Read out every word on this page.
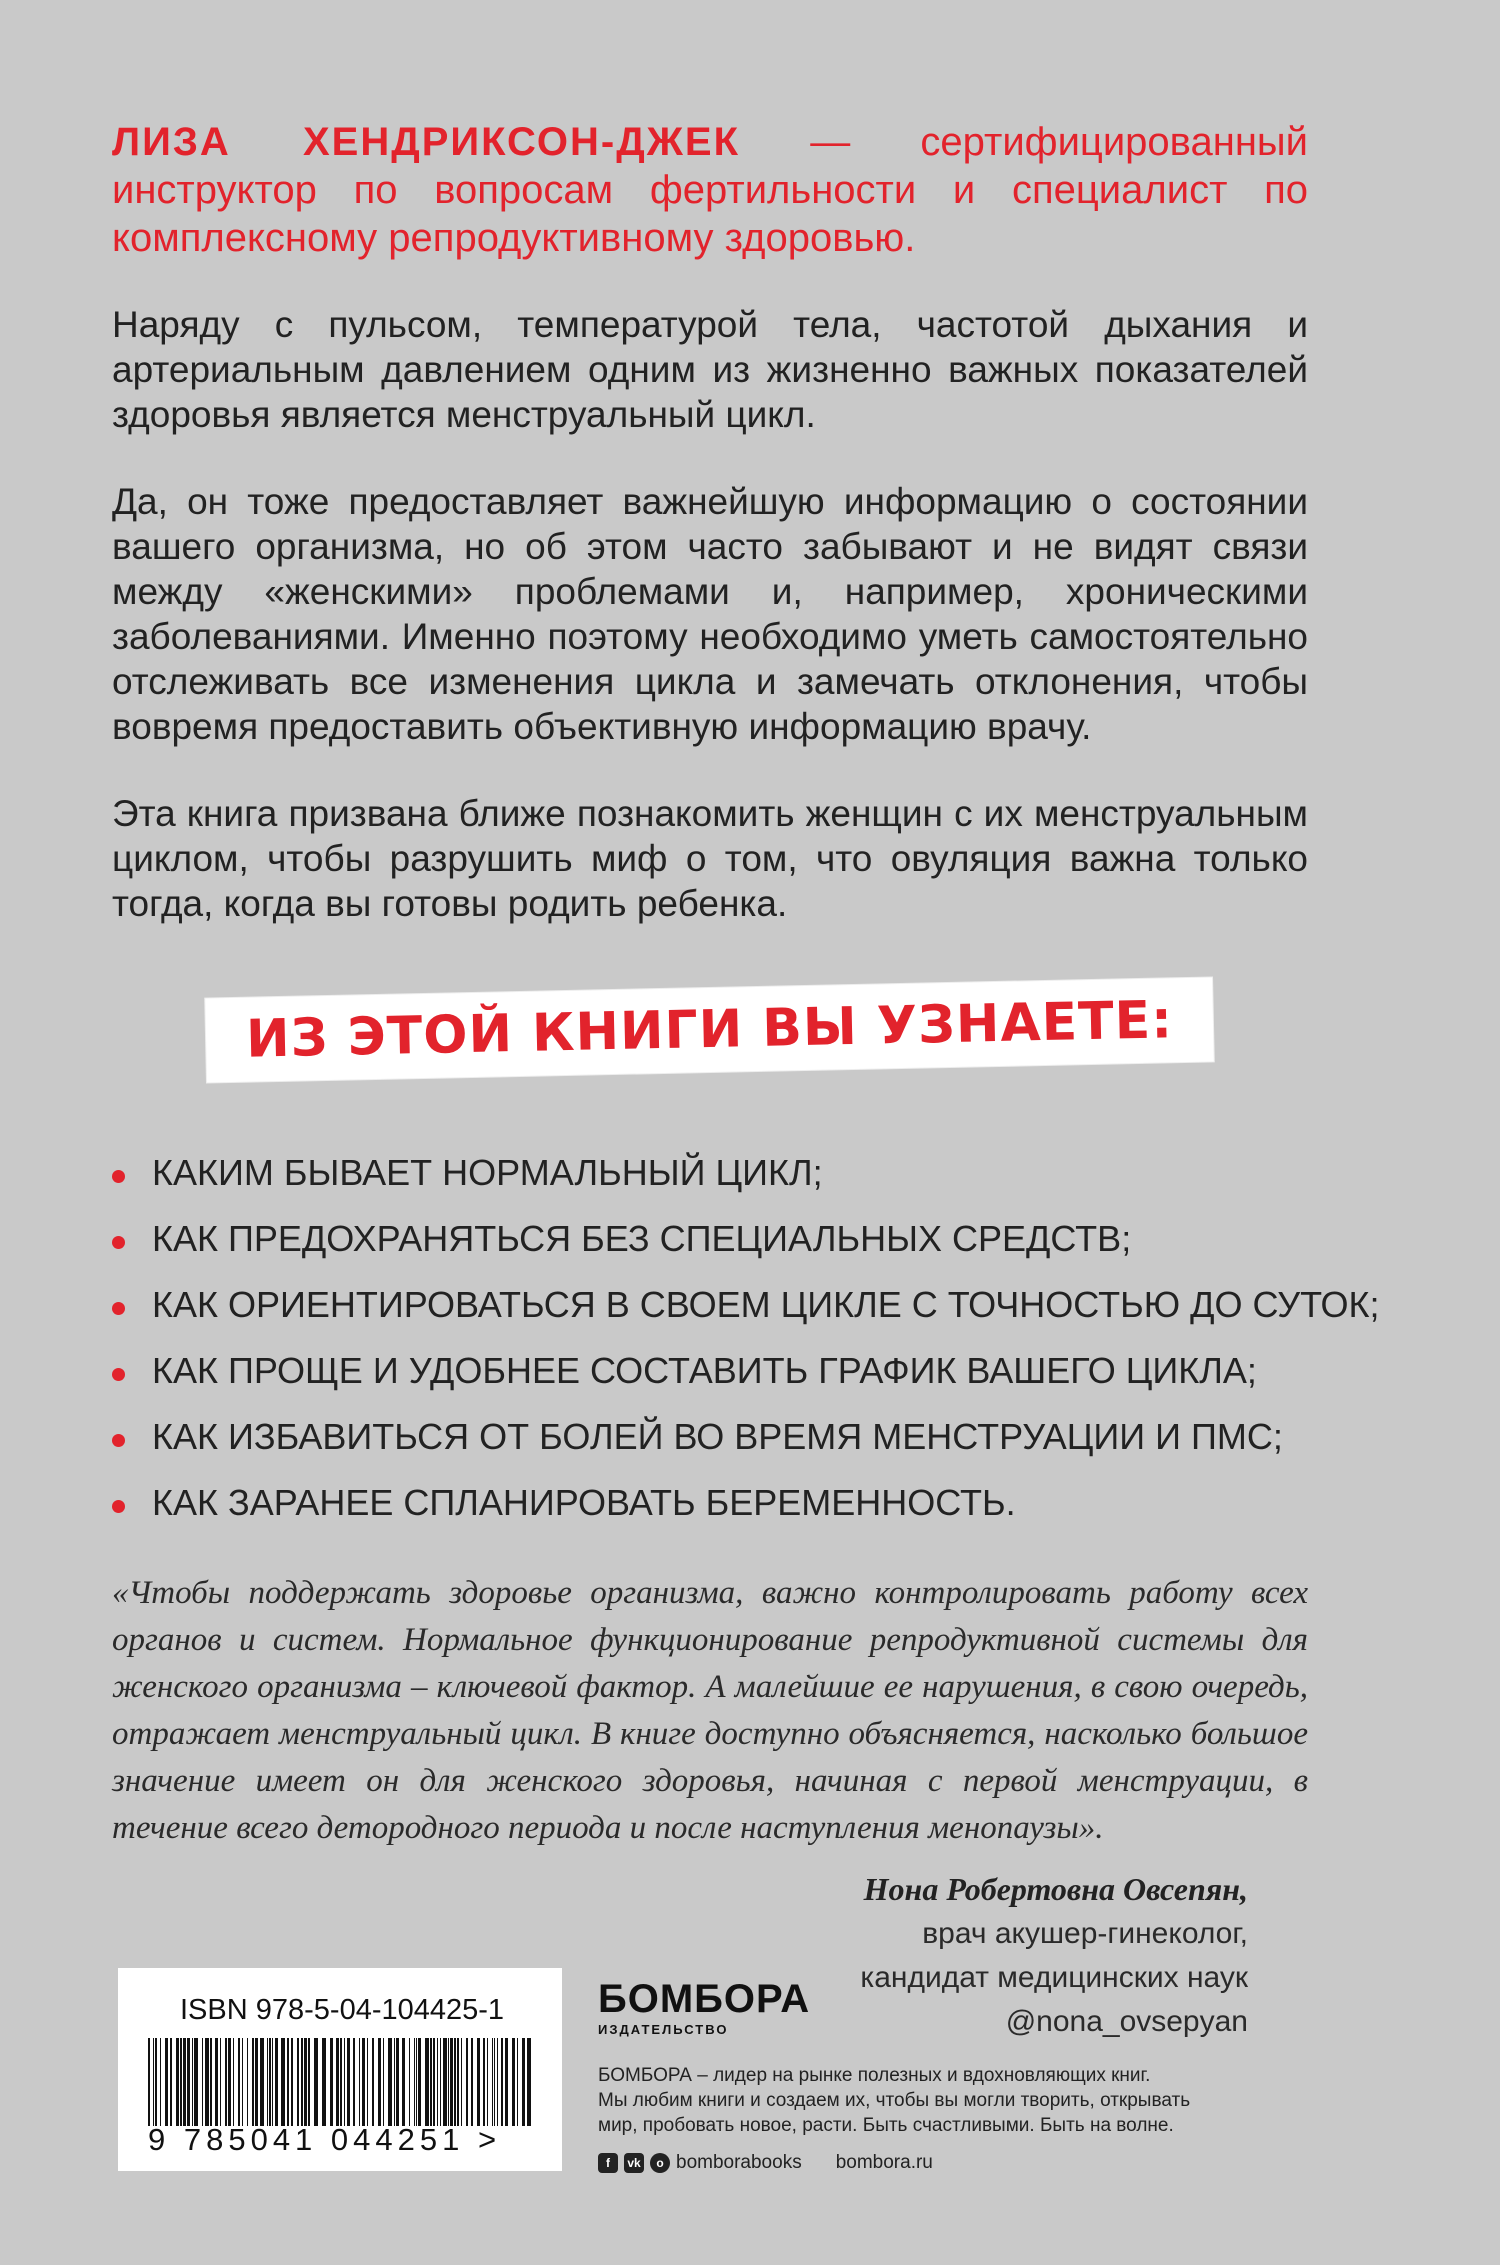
ЛИЗА ХЕНДРИКСОН-ДЖЕК — сертифицированный инструктор по вопросам фертильности и специалист по комплексному репродуктивному здоровью.

Наряду с пульсом, температурой тела, частотой дыхания и артериальным давлением одним из жизненно важных показателей здоровья является менструальный цикл.

Да, он тоже предоставляет важнейшую информацию о состоянии вашего организма, но об этом часто забывают и не видят связи между «женскими» проблемами и, например, хроническими заболеваниями. Именно поэтому необходимо уметь самостоятельно отслеживать все изменения цикла и замечать отклонения, чтобы вовремя предоставить объективную информацию врачу.

Эта книга призвана ближе познакомить женщин с их менструальным циклом, чтобы разрушить миф о том, что овуляция важна только тогда, когда вы готовы родить ребенка.

ИЗ ЭТОЙ КНИГИ ВЫ УЗНАЕТЕ:
КАКИМ БЫВАЕТ НОРМАЛЬНЫЙ ЦИКЛ;
КАК ПРЕДОХРАНЯТЬСЯ БЕЗ СПЕЦИАЛЬНЫХ СРЕДСТВ;
КАК ОРИЕНТИРОВАТЬСЯ В СВОЕМ ЦИКЛЕ С ТОЧНОСТЬЮ ДО СУТОК;
КАК ПРОЩЕ И УДОБНЕЕ СОСТАВИТЬ ГРАФИК ВАШЕГО ЦИКЛА;
КАК ИЗБАВИТЬСЯ ОТ БОЛЕЙ ВО ВРЕМЯ МЕНСТРУАЦИИ И ПМС;
КАК ЗАРАНЕЕ СПЛАНИРОВАТЬ БЕРЕМЕННОСТЬ.

«Чтобы поддержать здоровье организма, важно контролировать работу всех органов и систем. Нормальное функционирование репродуктивной системы для женского организма – ключевой фактор. А малейшие ее нарушения, в свою очередь, отражает менструальный цикл. В книге доступно объясняется, насколько большое значение имеет он для женского здоровья, начиная с первой менструации, в течение всего детородного периода и после наступления менопаузы».

Нона Робертовна Овсепян,
врач акушер-гинеколог,
кандидат медицинских наук
@nona_ovsepyan
ISBN 978-5-04-104425-1
9 785041 044251 >
БОМБОРА
ИЗДАТЕЛЬСТВО
БОМБОРА – лидер на рынке полезных и вдохновляющих книг.
Мы любим книги и создаем их, чтобы вы могли творить, открывать
мир, пробовать новое, расти. Быть счастливыми. Быть на волне.
f	vk	o bomborabooks bombora.ru
